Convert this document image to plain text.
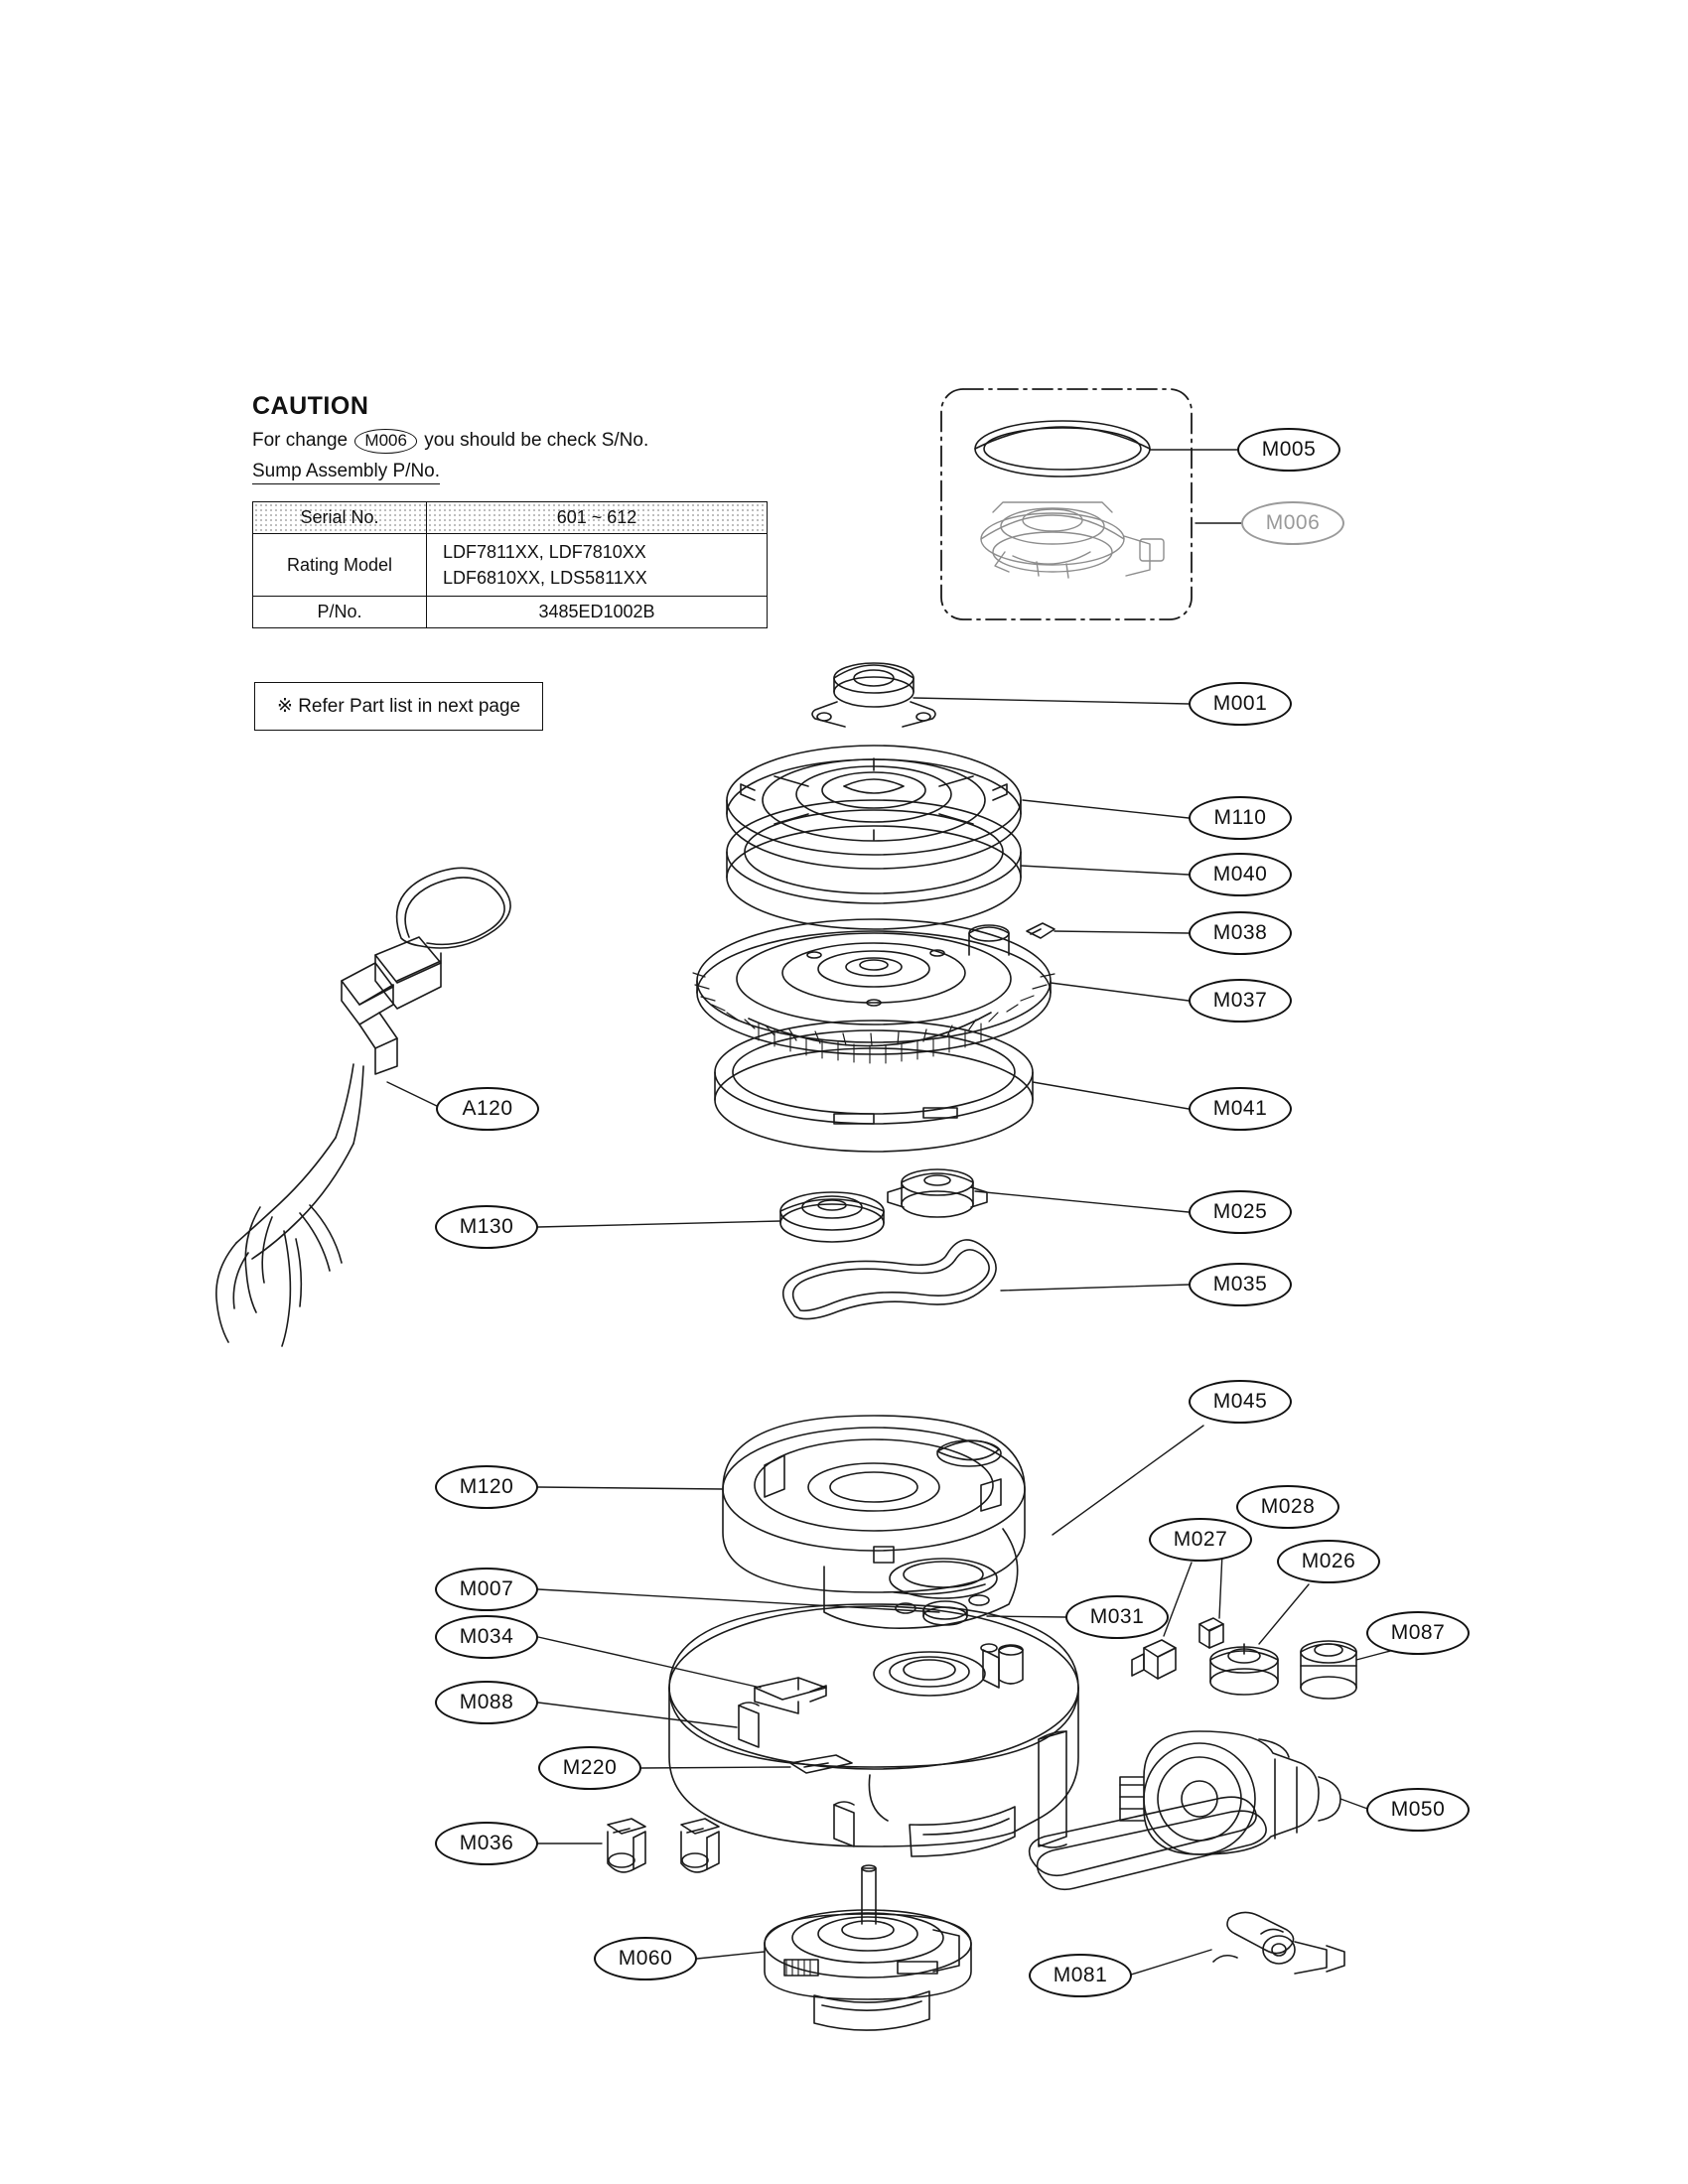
CAUTION
For change M006 you should be check S/No.
Sump Assembly P/No.
Serial No.	601 ~ 612
Rating Model	LDF7811XX, LDF7810XX
LDF6810XX, LDS5811XX

P/No.	3485ED1002B
※ Refer Part list in next page
M005
M006
M001
M110
M040
M038
M037
M041
M025
M035
M130
A120
M045
M120
M028
M027
M026
M007
M031
M087
M034
M088
M220
M050
M036
M060
M081
